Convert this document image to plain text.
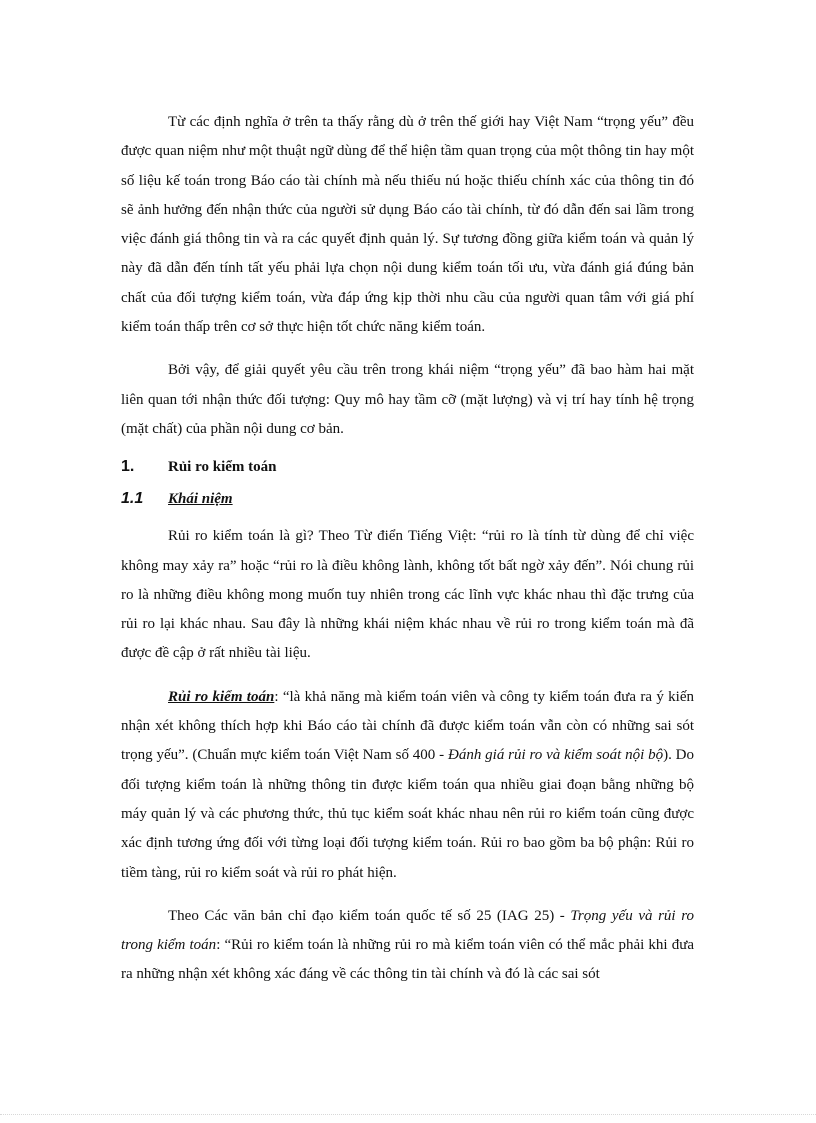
Từ các định nghĩa ở trên ta thấy rằng dù ở trên thế giới hay Việt Nam “trọng yếu” đều được quan niệm như một thuật ngữ dùng để thể hiện tầm quan trọng của một thông tin hay một số liệu kế toán trong Báo cáo tài chính mà nếu thiếu nú hoặc thiếu chính xác của thông tin đó sẽ ảnh hưởng đến nhận thức của người sử dụng Báo cáo tài chính, từ đó dẫn đến sai lầm trong việc đánh giá thông tin và ra các quyết định quản lý. Sự tương đồng giữa kiểm toán và quản lý này đã dẫn đến tính tất yếu phải lựa chọn nội dung kiểm toán tối ưu, vừa đánh giá đúng bản chất của đối tượng kiểm toán, vừa đáp ứng kịp thời nhu cầu của người quan tâm với giá phí kiểm toán thấp trên cơ sở thực hiện tốt chức năng kiểm toán.

Bởi vậy, để giải quyết yêu cầu trên trong khái niệm “trọng yếu” đã bao hàm hai mặt liên quan tới nhận thức đối tượng: Quy mô hay tầm cỡ (mặt lượng) và vị trí hay tính hệ trọng (mặt chất) của phần nội dung cơ bản.

1.	Rủi ro kiểm toán
1.1	Khái niệm

Rủi ro kiểm toán là gì? Theo Từ điển Tiếng Việt: “rủi ro là tính từ dùng để chỉ việc không may xảy ra” hoặc “rủi ro là điều không lành, không tốt bất ngờ xảy đến”. Nói chung rủi ro là những điều không mong muốn tuy nhiên trong các lĩnh vực khác nhau thì đặc trưng của rủi ro lại khác nhau. Sau đây là những khái niệm khác nhau về rủi ro trong kiểm toán mà đã được đề cập ở rất nhiều tài liệu.

Rủi ro kiểm toán: “là khả năng mà kiểm toán viên và công ty kiểm toán đưa ra ý kiến nhận xét không thích hợp khi Báo cáo tài chính đã được kiểm toán vẫn còn có những sai sót trọng yếu”. (Chuẩn mực kiểm toán Việt Nam số 400 - Đánh giá rủi ro và kiểm soát nội bộ). Do đối tượng kiểm toán là những thông tin được kiểm toán qua nhiều giai đoạn bằng những bộ máy quản lý và các phương thức, thủ tục kiểm soát khác nhau nên rủi ro kiểm toán cũng được xác định tương ứng đối với từng loại đối tượng kiểm toán. Rủi ro bao gồm ba bộ phận: Rủi ro tiềm tàng, rủi ro kiểm soát và rủi ro phát hiện.

Theo Các văn bản chỉ đạo kiểm toán quốc tế số 25 (IAG 25) - Trọng yếu và rủi ro trong kiểm toán: “Rủi ro kiểm toán là những rủi ro mà kiểm toán viên có thể mắc phải khi đưa ra những nhận xét không xác đáng về các thông tin tài chính và đó là các sai sót
